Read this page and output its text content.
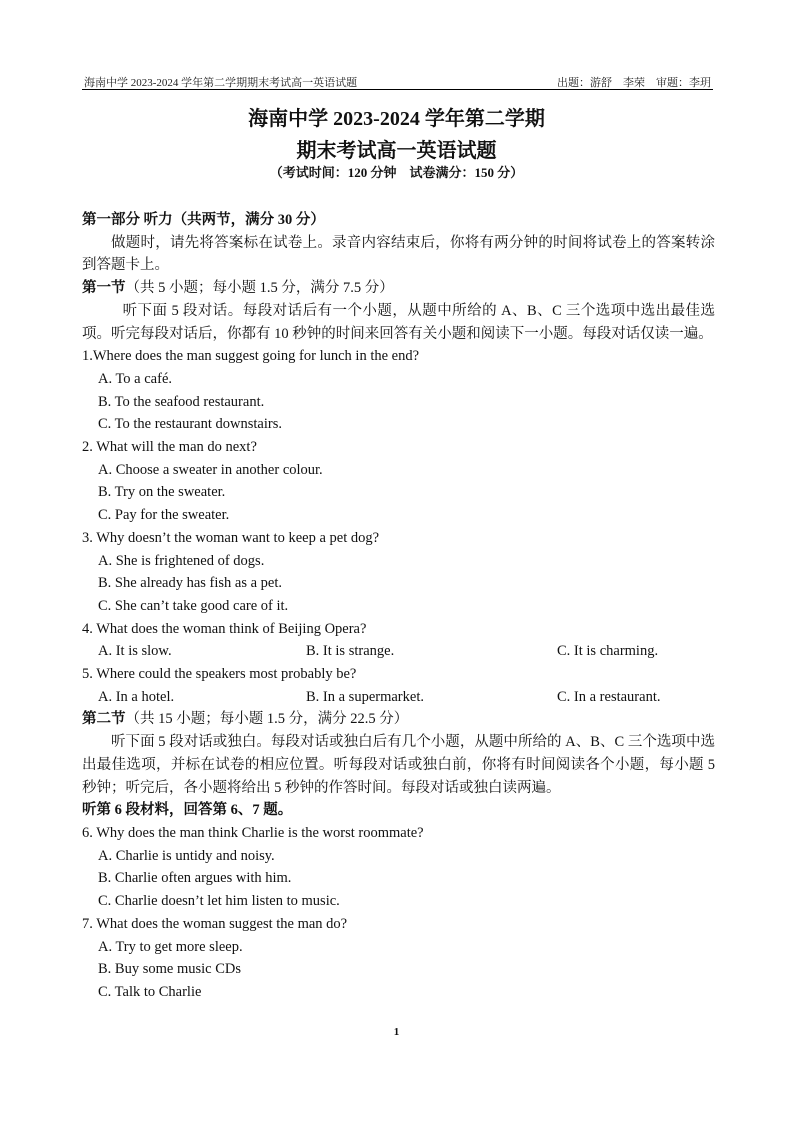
海南中学 2023-2024 学年第二学期期末考试高一英语试题	出题：游舒　李荣　审题：李玥
海南中学 2023-2024 学年第二学期
期末考试高一英语试题
（考试时间：120 分钟　试卷满分：150 分）
第一部分 听力（共两节，满分 30 分）
做题时，请先将答案标在试卷上。录音内容结束后，你将有两分钟的时间将试卷上的答案转涂到答题卡上。
第一节（共 5 小题；每小题 1.5 分，满分 7.5 分）
听下面 5 段对话。每段对话后有一个小题，从题中所给的 A、B、C 三个选项中选出最佳选项。听完每段对话后，你都有 10 秒钟的时间来回答有关小题和阅读下一小题。每段对话仅读一遍。
1.Where does the man suggest going for lunch in the end?
A. To a café.
B. To the seafood restaurant.
C. To the restaurant downstairs.
2. What will the man do next?
A. Choose a sweater in another colour.
B. Try on the sweater.
C. Pay for the sweater.
3. Why doesn’t the woman want to keep a pet dog?
A. She is frightened of dogs.
B. She already has fish as a pet.
C. She can’t take good care of it.
4. What does the woman think of Beijing Opera?
A. It is slow.	B. It is strange.	C. It is charming.
5. Where could the speakers most probably be?
A. In a hotel.	B. In a supermarket.	C. In a restaurant.
第二节（共 15 小题；每小题 1.5 分，满分 22.5 分）
听下面 5 段对话或独白。每段对话或独白后有几个小题，从题中所给的 A、B、C 三个选项中选出最佳选项，并标在试卷的相应位置。听每段对话或独白前，你将有时间阅读各个小题，每小题 5 秒钟；听完后，各小题将给出 5 秒钟的作答时间。每段对话或独白读两遍。
听第 6 段材料，回答第 6、7 题。
6. Why does the man think Charlie is the worst roommate?
A. Charlie is untidy and noisy.
B. Charlie often argues with him.
C. Charlie doesn’t let him listen to music.
7. What does the woman suggest the man do?
A. Try to get more sleep.
B. Buy some music CDs
C. Talk to Charlie
1
